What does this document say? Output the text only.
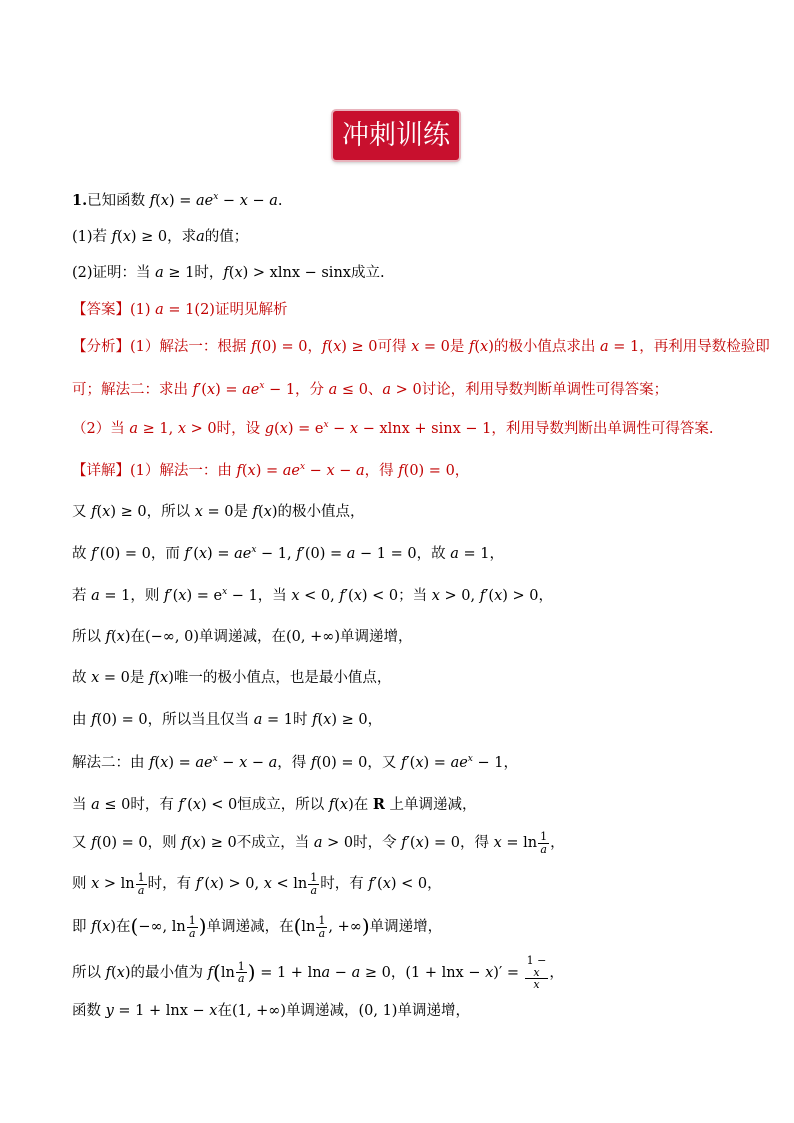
冲刺训练
1.已知函数 $f(x) = ae^x - x - a$.
(1)若 f(x) ≥ 0，求a的值；
(2)证明：当 a ≥ 1时，f(x) > xlnx − sinx成立.
【答案】(1) a = 1(2)证明见解析
【分析】(1）解法一：根据 f(0) = 0，f(x) ≥ 0可得 x = 0是 f(x)的极小值点求出 a = 1，再利用导数检验即
可；解法二：求出 $f'(x) = ae^x - 1$，分 a ≤ 0、a > 0讨论，利用导数判断单调性可得答案；
（2）当 a ≥ 1, x > 0时，设 $g(x) = e^x - x - xlnx + \sin x - 1$，利用导数判断出单调性可得答案.
【详解】(1）解法一：由 $f(x) = ae^x - x - a$，得 f(0) = 0，
又 f(x) ≥ 0，所以 x = 0是 f(x)的极小值点，
故 f′(0) = 0，而 $f'(x) = ae^x - 1$, f′(0) = a − 1 = 0，故 a = 1，
若 a = 1，则 $f'(x) = e^x - 1$，当 x < 0, f′(x) < 0；当 x > 0, f′(x) > 0，
所以 f(x)在(−∞, 0)单调递减，在(0, +∞)单调递增，
故 x = 0是 f(x)唯一的极小值点，也是最小值点，
由 f(0) = 0，所以当且仅当 a = 1时 f(x) ≥ 0，
解法二：由 $f(x) = ae^x - x - a$，得 f(0) = 0，又 $f'(x) = ae^x - 1$，
当 a ≤ 0时，有 f′(x) < 0恒成立，所以 f(x)在 R 上单调递减，
又 f(0) = 0，则 f(x) ≥ 0不成立，当 a > 0时，令 f′(x) = 0，得 $x = \ln \frac{1}{a}$ ，
则 $x > \ln \frac{1}{a}$ 时，有 f′(x) > 0, $x < \ln \frac{1}{a}$ 时，有 f′(x) < 0，
即 f(x)在(−∞, $\ln \frac{1}{a}$ )单调递减，在($\ln \frac{1}{a}$ , +∞)单调递增，
所以 f(x)的最小值为 $f(\ln \frac{1}{a}$ ) = 1 + lna − a ≥ 0，(1 + lnx − x)′ = 1 −
x
x ，
函数 y = 1 + lnx − x在(1, +∞)单调递减，(0, 1)单调递增，
